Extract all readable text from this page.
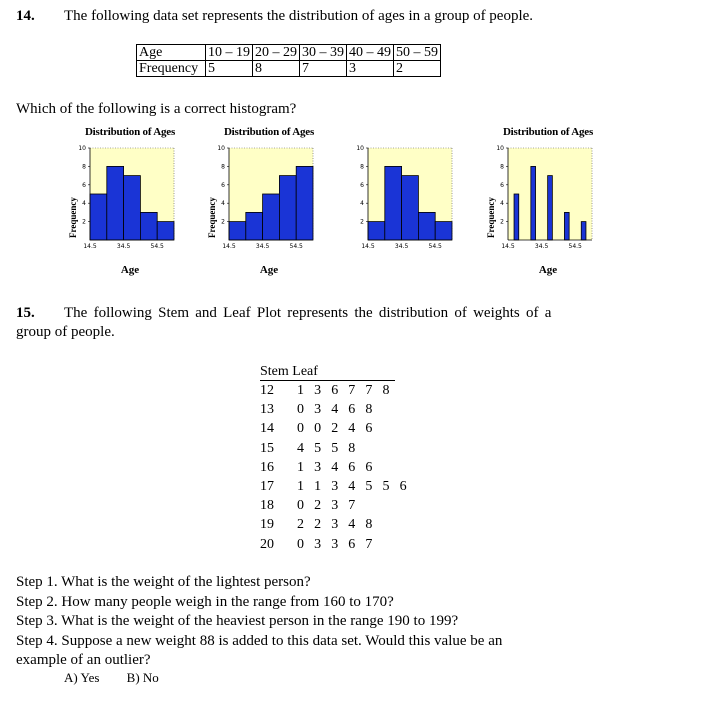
14. The following data set represents the distribution of ages in a group of people.
Age	10 – 19	20 – 29	30 – 39	40 – 49	50 – 59
Frequency	5	8	7	3	2
Which of the following is a correct histogram?
Distribution of Ages
Frequency
10
8
6
4
2
14.5	34.5	54.5
Age
Distribution of Ages
Frequency
10
8
6
4
2
14.5	34.5	54.5
Age
10
8
6
4
2
14.5	34.5	54.5
Distribution of Ages
Frequency
10
8
6
4
2
14.5	34.5	54.5
Age
15. The following Stem and Leaf Plot represents the distribution of weights of a
group of people.
Stem Leaf
12 1 3 6 7 7 8
13 0 3 4 6 8
14 0 0 2 4 6
15 4 5 5 8
16 1 3 4 6 6
17 1 1 3 4 5 5 6
18 0 2 3 7
19 2 2 3 4 8
20 0 3 3 6 7
Step 1. What is the weight of the lightest person?
Step 2. How many people weigh in the range from 160 to 170?
Step 3. What is the weight of the heaviest person in the range 190 to 199?
Step 4. Suppose a new weight 88 is added to this data set. Would this value be an
example of an outlier?
A) Yes B) No
